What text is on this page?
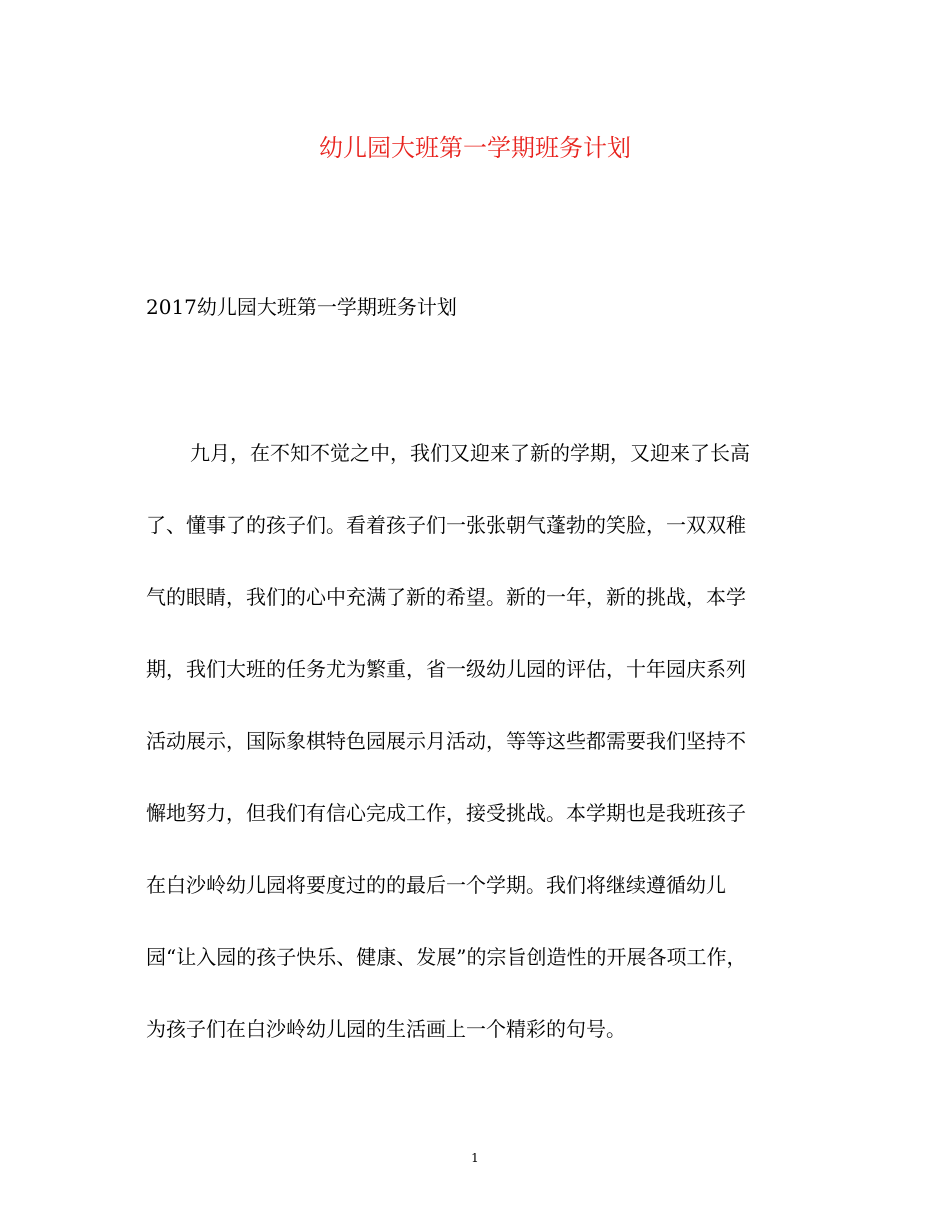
幼儿园大班第一学期班务计划
2017幼儿园大班第一学期班务计划
九月，在不知不觉之中，我们又迎来了新的学期，又迎来了长高
了、懂事了的孩子们。看着孩子们一张张朝气蓬勃的笑脸，一双双稚
气的眼睛，我们的心中充满了新的希望。新的一年，新的挑战，本学
期，我们大班的任务尤为繁重，省一级幼儿园的评估，十年园庆系列
活动展示，国际象棋特色园展示月活动，等等这些都需要我们坚持不
懈地努力，但我们有信心完成工作，接受挑战。本学期也是我班孩子
在白沙岭幼儿园将要度过的的最后一个学期。我们将继续遵循幼儿
园“让入园的孩子快乐、健康、发展”的宗旨创造性的开展各项工作，
为孩子们在白沙岭幼儿园的生活画上一个精彩的句号。
1
